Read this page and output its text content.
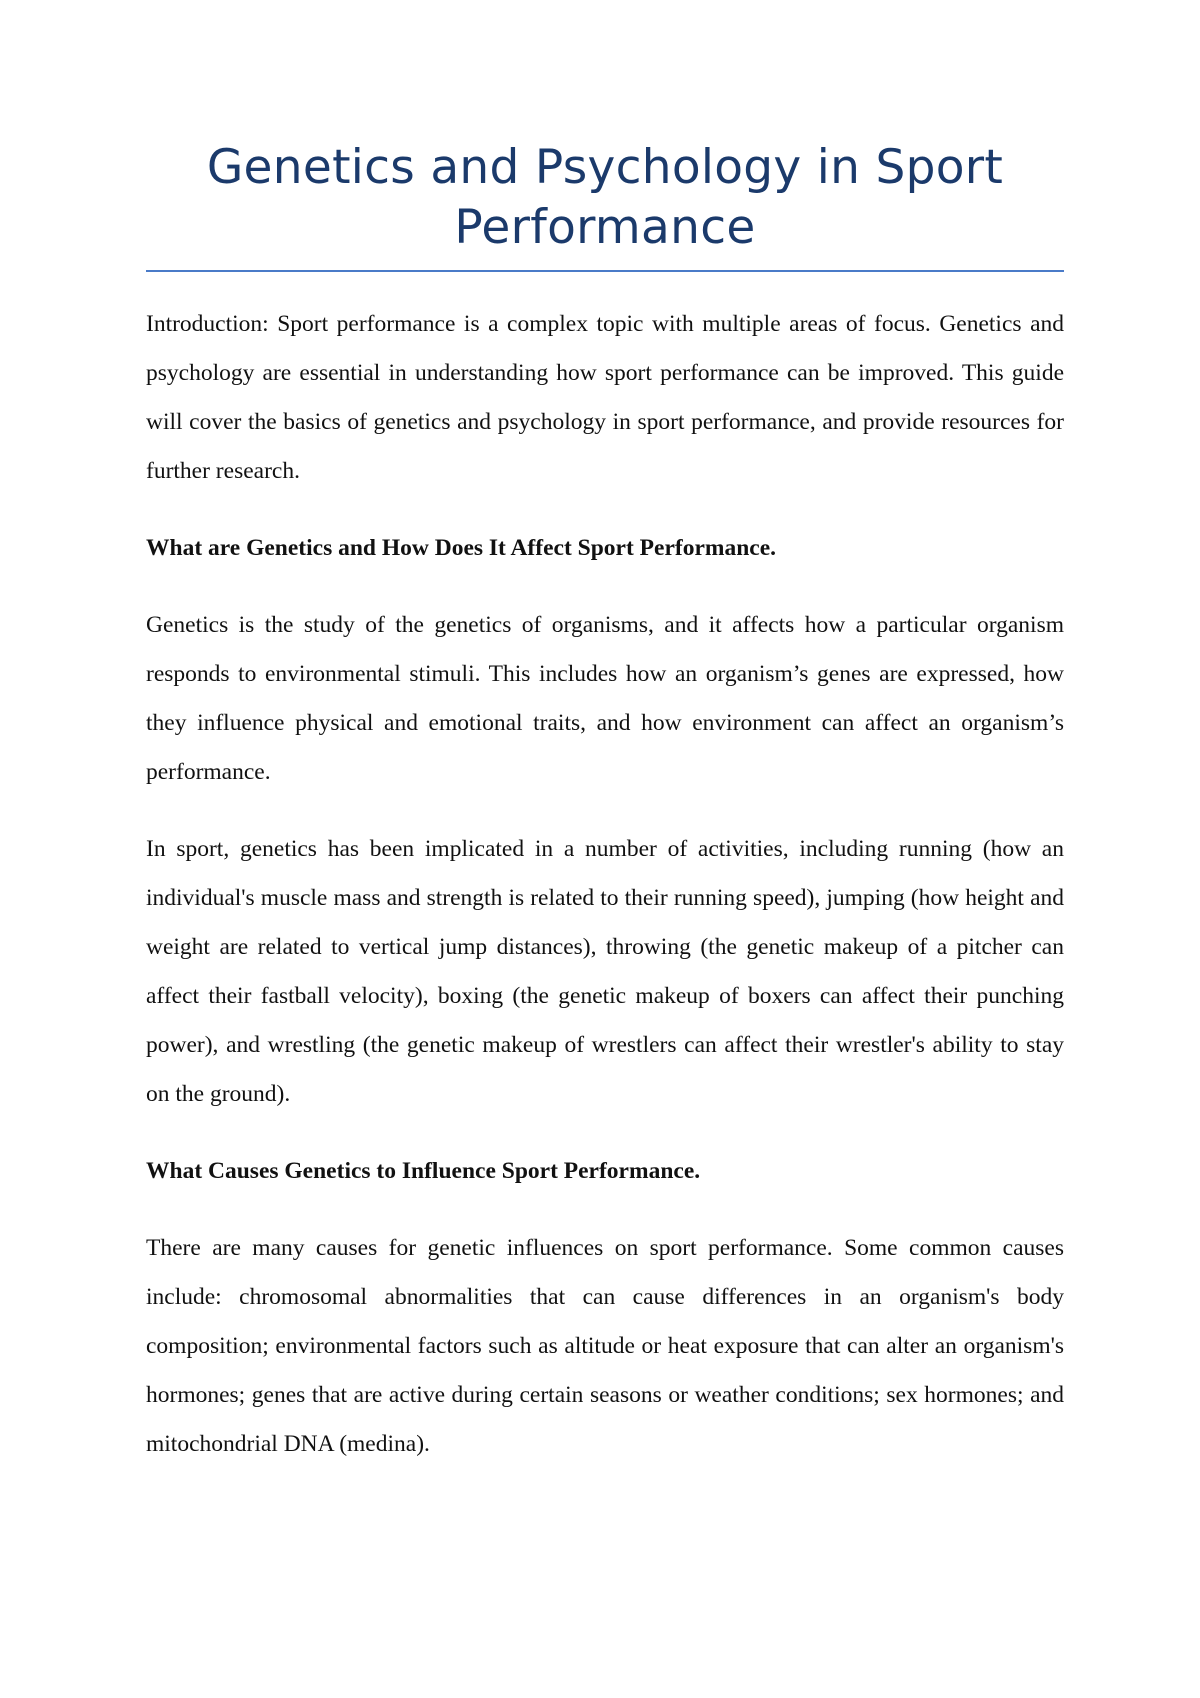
Genetics and Psychology in Sport Performance

Introduction: Sport performance is a complex topic with multiple areas of focus. Genetics and psychology are essential in understanding how sport performance can be improved. This guide will cover the basics of genetics and psychology in sport performance, and provide resources for further research.

What are Genetics and How Does It Affect Sport Performance.

Genetics is the study of the genetics of organisms, and it affects how a particular organism responds to environmental stimuli. This includes how an organism’s genes are expressed, how they influence physical and emotional traits, and how environment can affect an organism’s performance.

In sport, genetics has been implicated in a number of activities, including running (how an individual's muscle mass and strength is related to their running speed), jumping (how height and weight are related to vertical jump distances), throwing (the genetic makeup of a pitcher can affect their fastball velocity), boxing (the genetic makeup of boxers can affect their punching power), and wrestling (the genetic makeup of wrestlers can affect their wrestler's ability to stay on the ground).

What Causes Genetics to Influence Sport Performance.

There are many causes for genetic influences on sport performance. Some common causes include: chromosomal abnormalities that can cause differences in an organism's body composition; environmental factors such as altitude or heat exposure that can alter an organism's hormones; genes that are active during certain seasons or weather conditions; sex hormones; and mitochondrial DNA (medina).
